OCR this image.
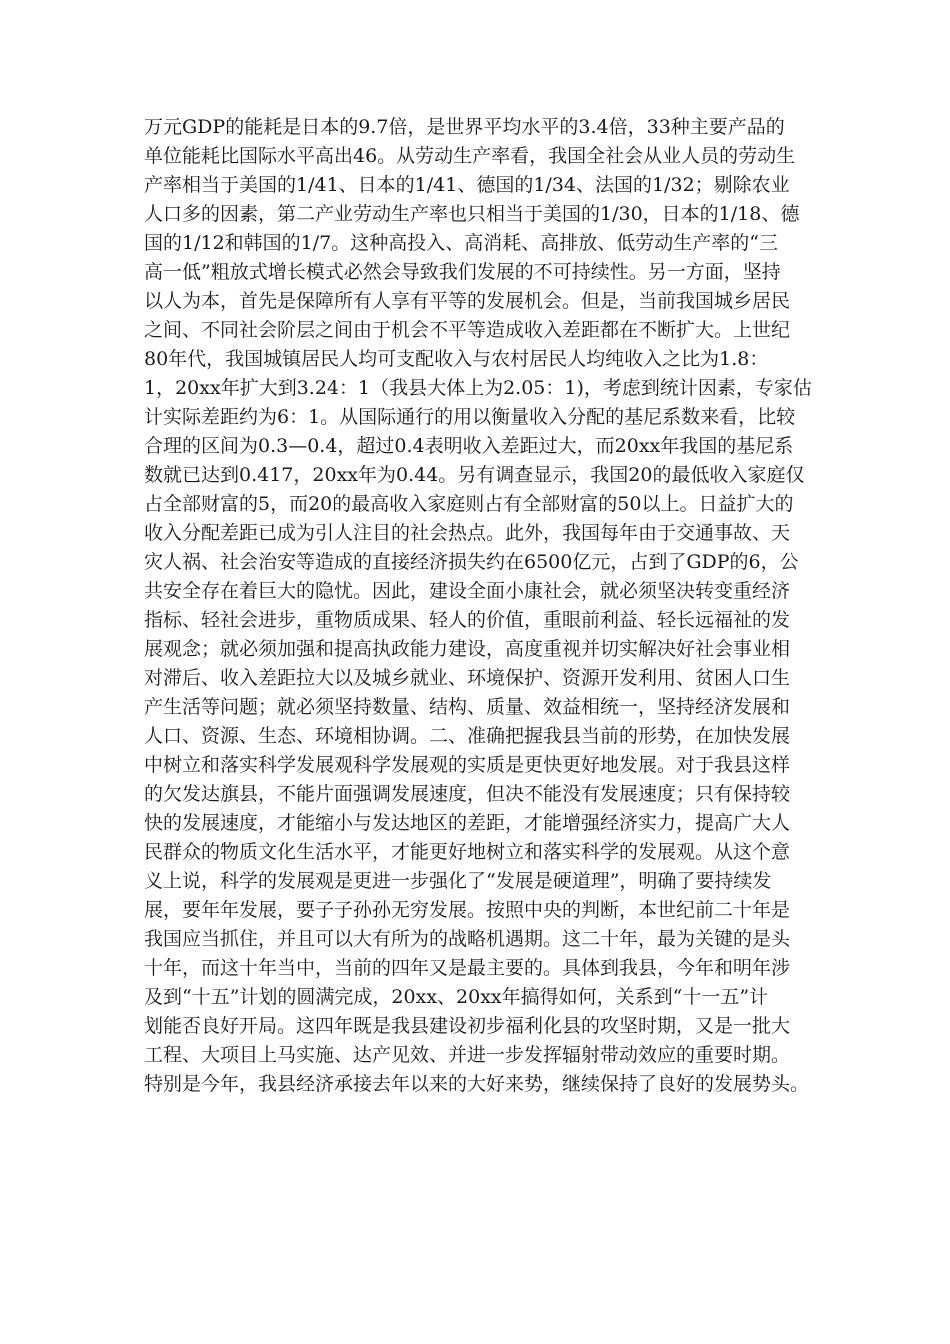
万元GDP的能耗是日本的9.7倍，是世界平均水平的3.4倍，33种主要产品的
单位能耗比国际水平高出46。从劳动生产率看，我国全社会从业人员的劳动生
产率相当于美国的1/41、日本的1/41、德国的1/34、法国的1/32；剔除农业
人口多的因素，第二产业劳动生产率也只相当于美国的1/30，日本的1/18、德
国的1/12和韩国的1/7。这种高投入、高消耗、高排放、低劳动生产率的“三
高一低”粗放式增长模式必然会导致我们发展的不可持续性。另一方面，坚持
以人为本，首先是保障所有人享有平等的发展机会。但是，当前我国城乡居民
之间、不同社会阶层之间由于机会不平等造成收入差距都在不断扩大。上世纪
80年代，我国城镇居民人均可支配收入与农村居民人均纯收入之比为1.8：
1，20xx年扩大到3.24：1（我县大体上为2.05：1)，考虑到统计因素，专家估
计实际差距约为6：1。从国际通行的用以衡量收入分配的基尼系数来看，比较
合理的区间为0.3—0.4，超过0.4表明收入差距过大，而20xx年我国的基尼系
数就已达到0.417，20xx年为0.44。另有调查显示，我国20的最低收入家庭仅
占全部财富的5，而20的最高收入家庭则占有全部财富的50以上。日益扩大的
收入分配差距已成为引人注目的社会热点。此外，我国每年由于交通事故、天
灾人祸、社会治安等造成的直接经济损失约在6500亿元，占到了GDP的6，公
共安全存在着巨大的隐忧。因此，建设全面小康社会，就必须坚决转变重经济
指标、轻社会进步，重物质成果、轻人的价值，重眼前利益、轻长远福祉的发
展观念；就必须加强和提高执政能力建设，高度重视并切实解决好社会事业相
对滞后、收入差距拉大以及城乡就业、环境保护、资源开发利用、贫困人口生
产生活等问题；就必须坚持数量、结构、质量、效益相统一，坚持经济发展和
人口、资源、生态、环境相协调。二、准确把握我县当前的形势，在加快发展
中树立和落实科学发展观科学发展观的实质是更快更好地发展。对于我县这样
的欠发达旗县，不能片面强调发展速度，但决不能没有发展速度；只有保持较
快的发展速度，才能缩小与发达地区的差距，才能增强经济实力，提高广大人
民群众的物质文化生活水平，才能更好地树立和落实科学的发展观。从这个意
义上说，科学的发展观是更进一步强化了“发展是硬道理”，明确了要持续发
展，要年年发展，要子子孙孙无穷发展。按照中央的判断，本世纪前二十年是
我国应当抓住，并且可以大有所为的战略机遇期。这二十年，最为关键的是头
十年，而这十年当中，当前的四年又是最主要的。具体到我县，今年和明年涉
及到“十五”计划的圆满完成，20xx、20xx年搞得如何，关系到“十一五”计
划能否良好开局。这四年既是我县建设初步福利化县的攻坚时期，又是一批大
工程、大项目上马实施、达产见效、并进一步发挥辐射带动效应的重要时期。
特别是今年，我县经济承接去年以来的大好来势，继续保持了良好的发展势头。
